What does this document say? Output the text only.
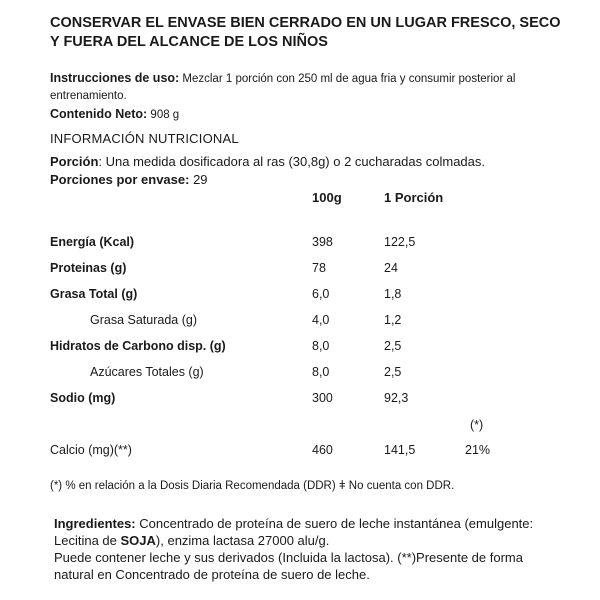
CONSERVAR EL ENVASE BIEN CERRADO EN UN LUGAR FRESCO, SECO Y FUERA DEL ALCANCE DE LOS NIÑOS
Instrucciones de uso: Mezclar 1 porción con 250 ml de agua fria y consumir posterior al entrenamiento.
Contenido Neto: 908 g
INFORMACIÓN NUTRICIONAL
Porción: Una medida dosificadora al ras (30,8g) o 2 cucharadas colmadas.
Porciones por envase: 29
100g	1 Porción
Energía (Kcal)	398	122,5
Proteinas (g)	78	24
Grasa Total (g)	6,0	1,8
Grasa Saturada (g)	4,0	1,2
Hidratos de Carbono disp. (g)	8,0	2,5
Azúcares Totales (g)	8,0	2,5
Sodio (mg)	300	92,3
(*)
Calcio (mg)(**)	460	141,5	21%
(*) % en relación a la Dosis Diaria Recomendada (DDR) ǂ No cuenta con DDR.
Ingredientes: Concentrado de proteína de suero de leche instantánea (emulgente: Lecitina de SOJA), enzima lactasa 27000 alu/g.
Puede contener leche y sus derivados (Incluida la lactosa). (**)Presente de forma natural en Concentrado de proteína de suero de leche.
